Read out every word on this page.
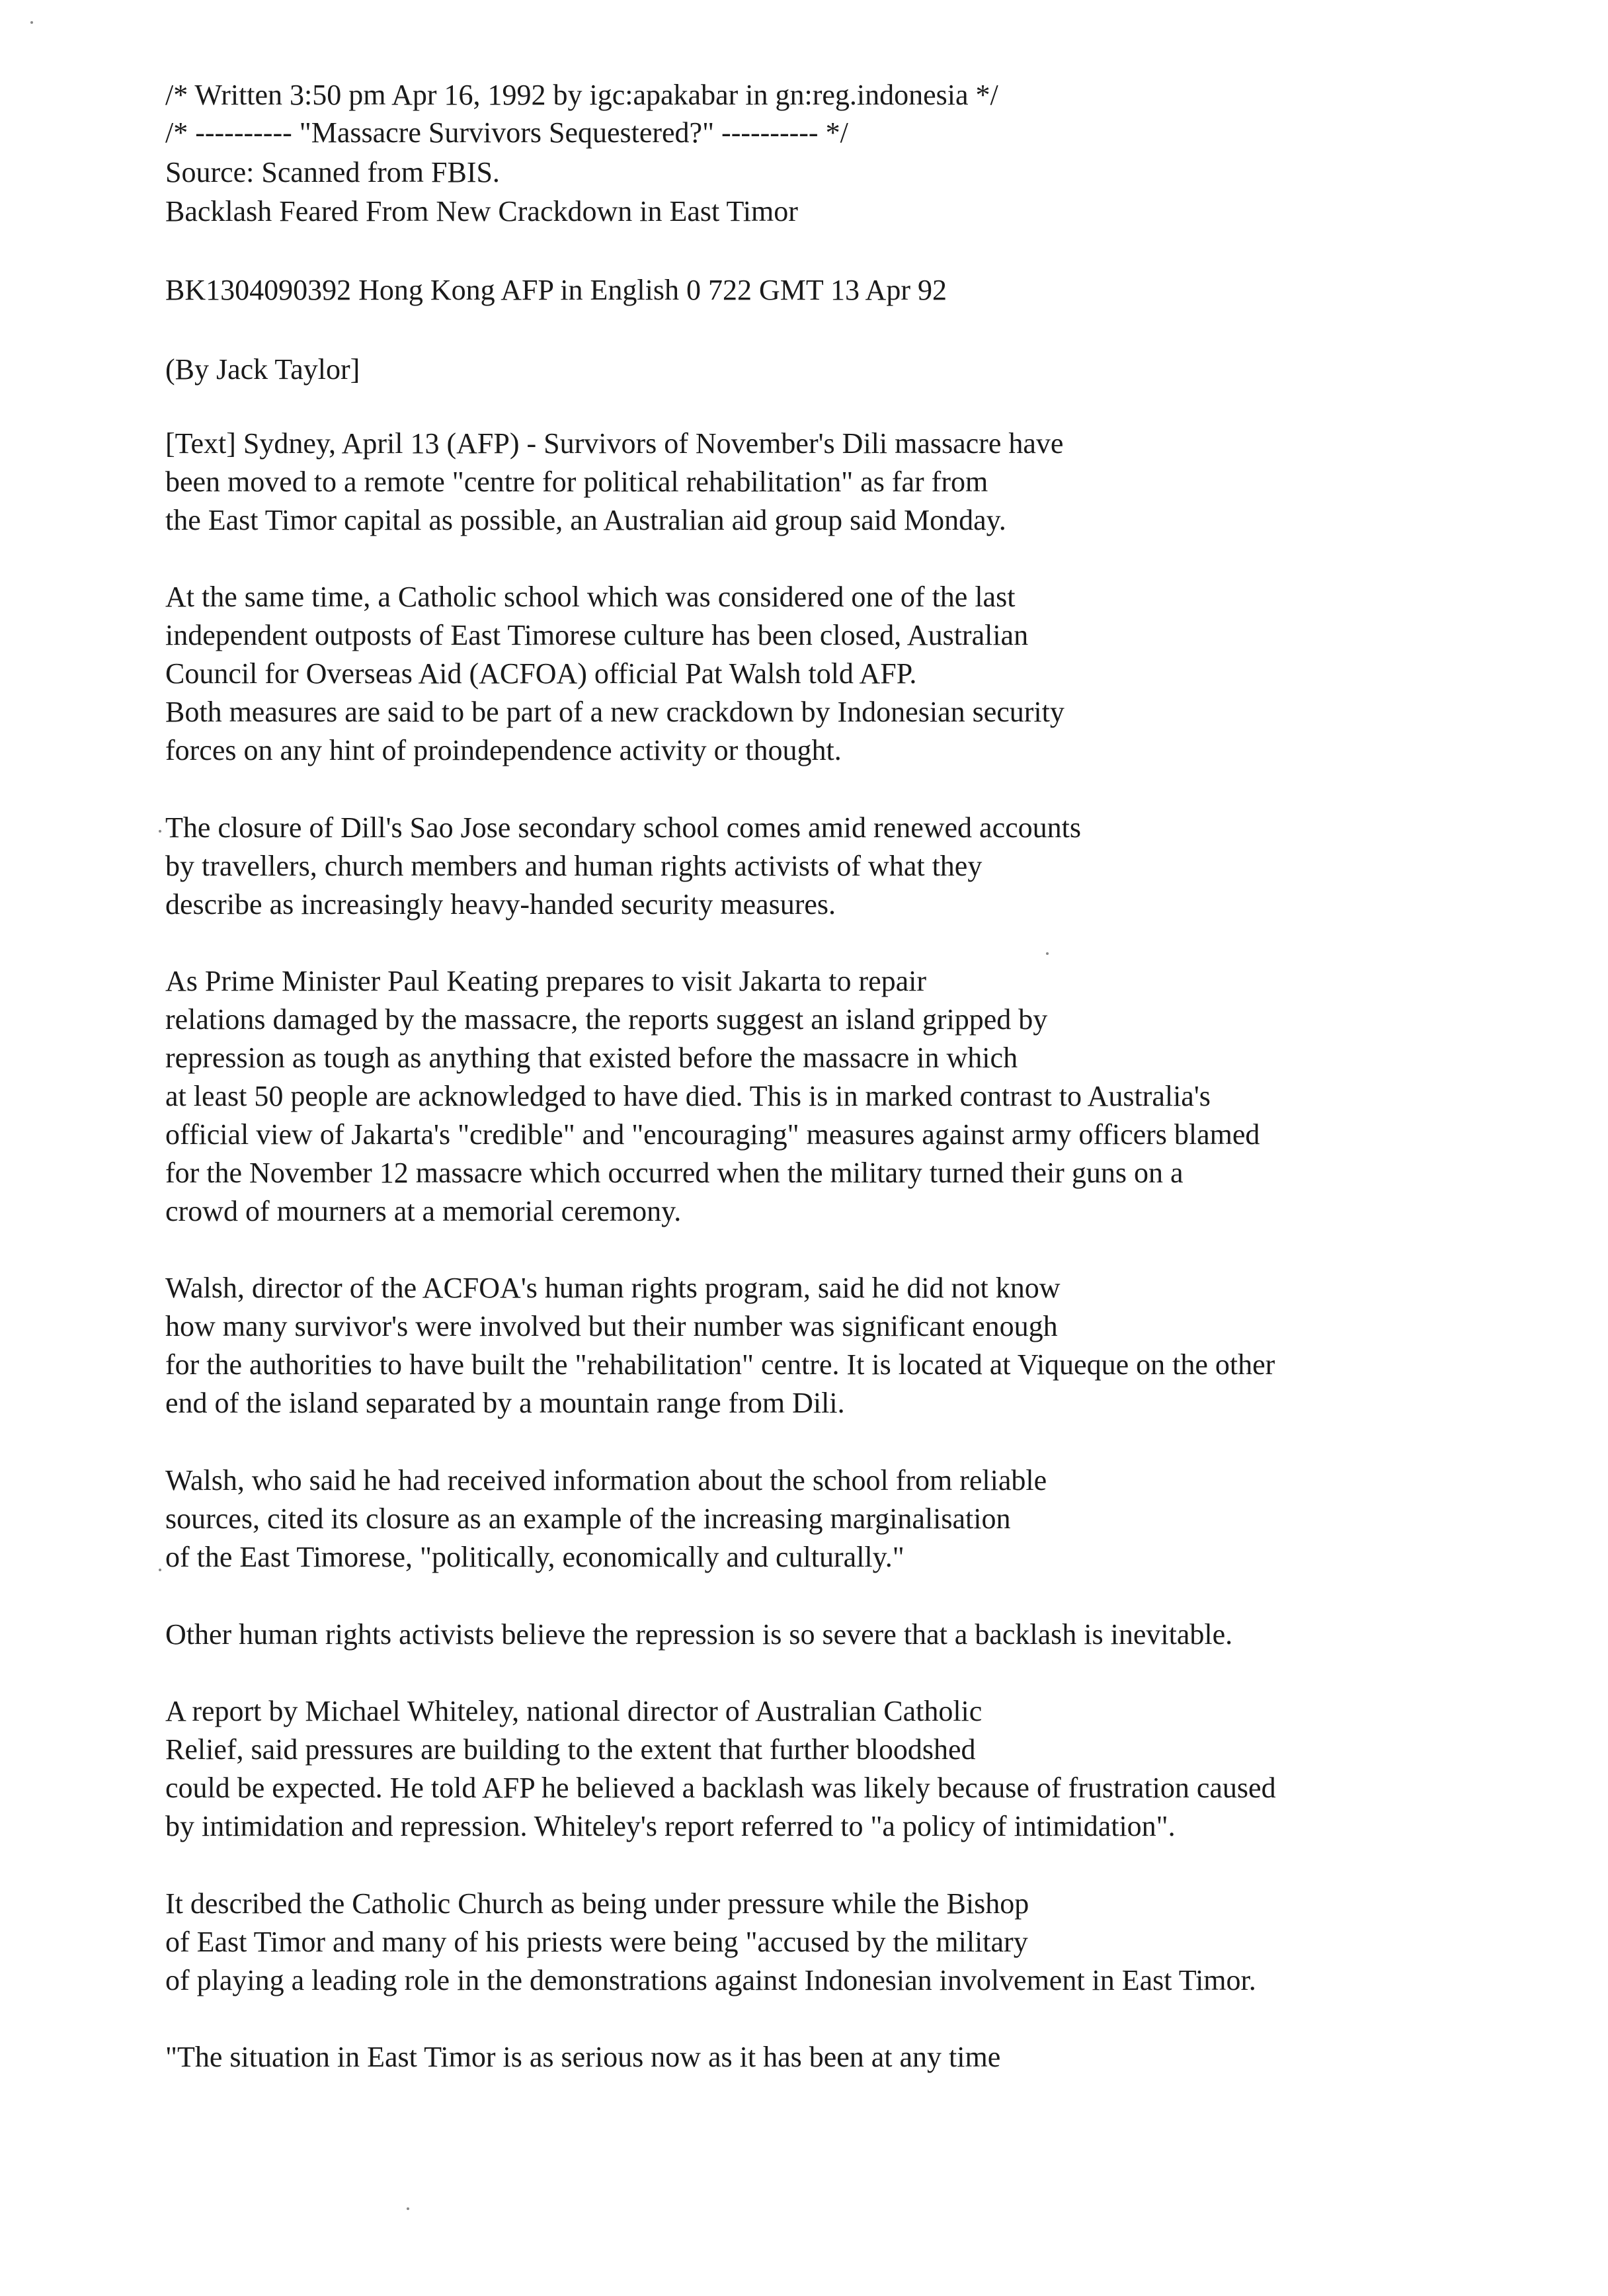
/* Written 3:50 pm Apr 16, 1992 by igc:apakabar in gn:reg.indonesia */

/* ---------- "Massacre Survivors Sequestered?" ---------- */

Source: Scanned from FBIS.

Backlash Feared From New Crackdown in East Timor

BK1304090392 Hong Kong AFP in English 0 722 GMT 13 Apr 92

(By Jack Taylor]

[Text] Sydney, April 13 (AFP) - Survivors of November's Dili massacre have

been moved to a remote "centre for political rehabilitation" as far from

the East Timor capital as possible, an Australian aid group said Monday.

At the same time, a Catholic school which was considered one of the last

independent outposts of East Timorese culture has been closed, Australian

Council for Overseas Aid (ACFOA) official Pat Walsh told AFP.

Both measures are said to be part of a new crackdown by Indonesian security

forces on any hint of proindependence activity or thought.

The closure of Dill's Sao Jose secondary school comes amid renewed accounts

by travellers, church members and human rights activists of what they

describe as increasingly heavy-handed security measures.

As Prime Minister Paul Keating prepares to visit Jakarta to repair

relations damaged by the massacre, the reports suggest an island gripped by

repression as tough as anything that existed before the massacre in which

at least 50 people are acknowledged to have died. This is in marked contrast to Australia's

official view of Jakarta's "credible" and "encouraging" measures against army officers blamed

for the November 12 massacre which occurred when the military turned their guns on a

crowd of mourners at a memorial ceremony.

Walsh, director of the ACFOA's human rights program, said he did not know

how many survivor's were involved but their number was significant enough

for the authorities to have built the "rehabilitation" centre. It is located at Viqueque on the other

end of the island separated by a mountain range from Dili.

Walsh, who said he had received information about the school from reliable

sources, cited its closure as an example of the increasing marginalisation

of the East Timorese, "politically, economically and culturally."

Other human rights activists believe the repression is so severe that a backlash is inevitable.

A report by Michael Whiteley, national director of Australian Catholic

Relief, said pressures are building to the extent that further bloodshed

could be expected. He told AFP he believed a backlash was likely because of frustration caused

by intimidation and repression. Whiteley's report referred to "a policy of intimidation".

It described the Catholic Church as being under pressure while the Bishop

of East Timor and many of his priests were being "accused by the military

of playing a leading role in the demonstrations against Indonesian involvement in East Timor.

"The situation in East Timor is as serious now as it has been at any time
